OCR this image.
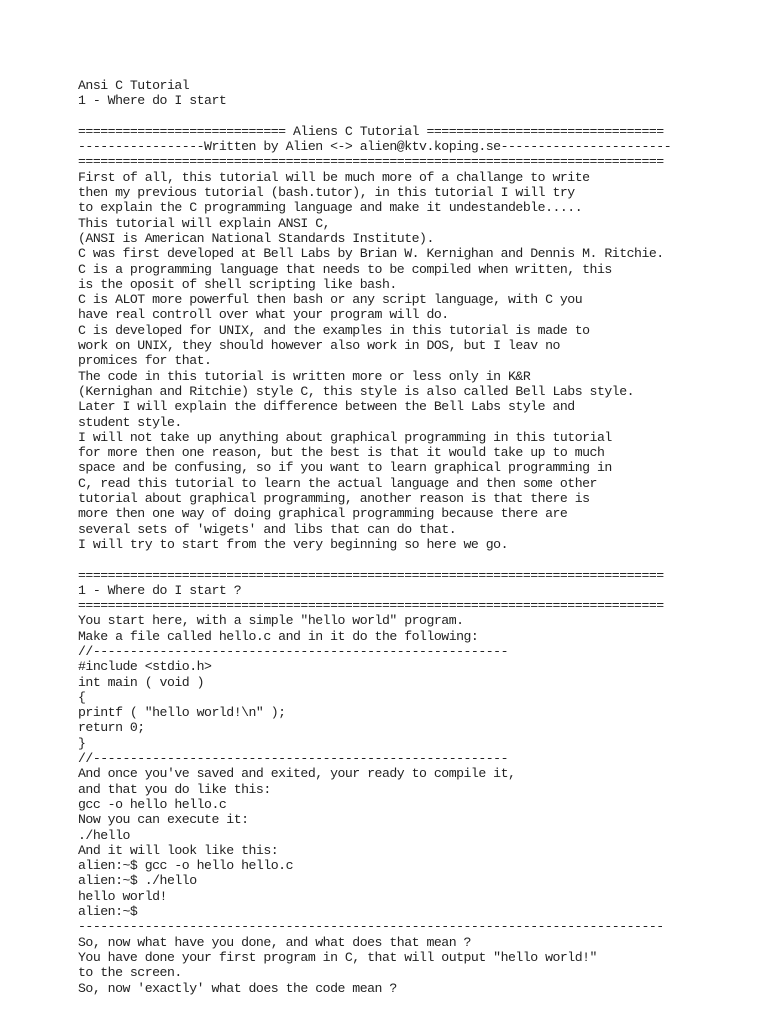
Ansi C Tutorial
1 - Where do I start
============================ Aliens C Tutorial ================================
-----------------Written by Alien <-> alien@ktv.koping.se-----------------------
===============================================================================
First of all, this tutorial will be much more of a challange to write
then my previous tutorial (bash.tutor), in this tutorial I will try
to explain the C programming language and make it undestandeble.....
This tutorial will explain ANSI C,
(ANSI is American National Standards Institute).
C was first developed at Bell Labs by Brian W. Kernighan and Dennis M. Ritchie.
C is a programming language that needs to be compiled when written, this
is the oposit of shell scripting like bash.
C is ALOT more powerful then bash or any script language, with C you
have real controll over what your program will do.
C is developed for UNIX, and the examples in this tutorial is made to
work on UNIX, they should however also work in DOS, but I leav no
promices for that.
The code in this tutorial is written more or less only in K&R
(Kernighan and Ritchie) style C, this style is also called Bell Labs style.
Later I will explain the difference between the Bell Labs style and
student style.
I will not take up anything about graphical programming in this tutorial
for more then one reason, but the best is that it would take up to much
space and be confusing, so if you want to learn graphical programming in
C, read this tutorial to learn the actual language and then some other
tutorial about graphical programming, another reason is that there is
more then one way of doing graphical programming because there are
several sets of 'wigets' and libs that can do that.
I will try to start from the very beginning so here we go.
===============================================================================
1 - Where do I start ?
===============================================================================
You start here, with a simple "hello world" program.
Make a file called hello.c and in it do the following:
//--------------------------------------------------------
#include <stdio.h>
int main ( void )
{
printf ( "hello world!\n" );
return 0;
}
//--------------------------------------------------------
And once you've saved and exited, your ready to compile it,
and that you do like this:
gcc -o hello hello.c
Now you can execute it:
./hello
And it will look like this:
alien:~$ gcc -o hello hello.c
alien:~$ ./hello
hello world!
alien:~$
-------------------------------------------------------------------------------
So, now what have you done, and what does that mean ?
You have done your first program in C, that will output "hello world!"
to the screen.
So, now 'exactly' what does the code mean ?
